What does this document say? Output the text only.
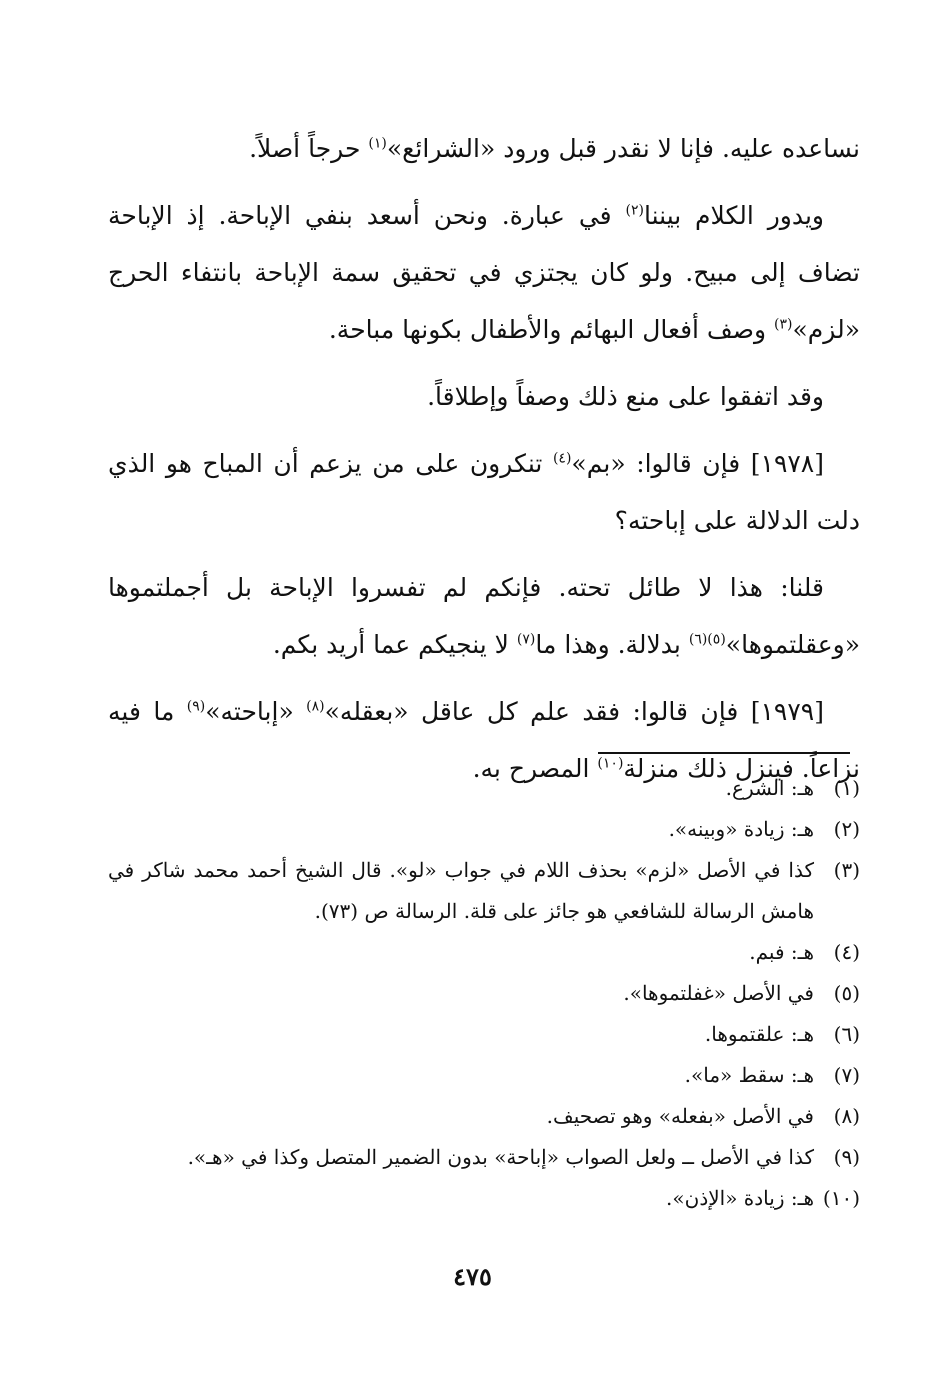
نساعده عليه. فإنا لا نقدر قبل ورود «الشرائع»$^{(١)}$ حرجاً أصلاً.

ويدور الكلام بيننا$^{(٢)}$ في عبارة. ونحن أسعد بنفي الإباحة. إذ الإباحة تضاف إلى مبيح. ولو كان يجتزي في تحقيق سمة الإباحة بانتفاء الحرج «لزم»$^{(٣)}$ وصف أفعال البهائم والأطفال بكونها مباحة.

وقد اتفقوا على منع ذلك وصفاً وإطلاقاً.

[١٩٧٨] فإن قالوا: «بم»$^{(٤)}$ تنكرون على من يزعم أن المباح هو الذي دلت الدلالة على إباحته؟

قلنا: هذا لا طائل تحته. فإنكم لم تفسروا الإباحة بل أجملتموها «وعقلتموها»$^{(٥)(٦)}$ بدلالة. وهذا ما$^{(٧)}$ لا ينجيكم عما أريد بكم.

[١٩٧٩] فإن قالوا: فقد علم كل عاقل «بعقله»$^{(٨)}$ «إباحته»$^{(٩)}$ ما فيه نزاعاً. فينزل ذلك منزلة$^{(١٠)}$ المصرح به.

(١)
هـ: الشرع.
(٢)
هـ: زيادة «وبينه».
(٣)
كذا في الأصل «لزم» بحذف اللام في جواب «لو». قال الشيخ أحمد محمد شاكر في هامش الرسالة للشافعي هو جائز على قلة. الرسالة ص (٧٣).
(٤)
هـ: فبم.
(٥)
في الأصل «غفلتموها».
(٦)
هـ: علقتموها.
(٧)
هـ: سقط «ما».
(٨)
في الأصل «بفعله» وهو تصحيف.
(٩)
كذا في الأصل ــ ولعل الصواب «إباحة» بدون الضمير المتصل وكذا في «هـ».
(١٠)
هـ: زيادة «الإذن».
٤٧٥
